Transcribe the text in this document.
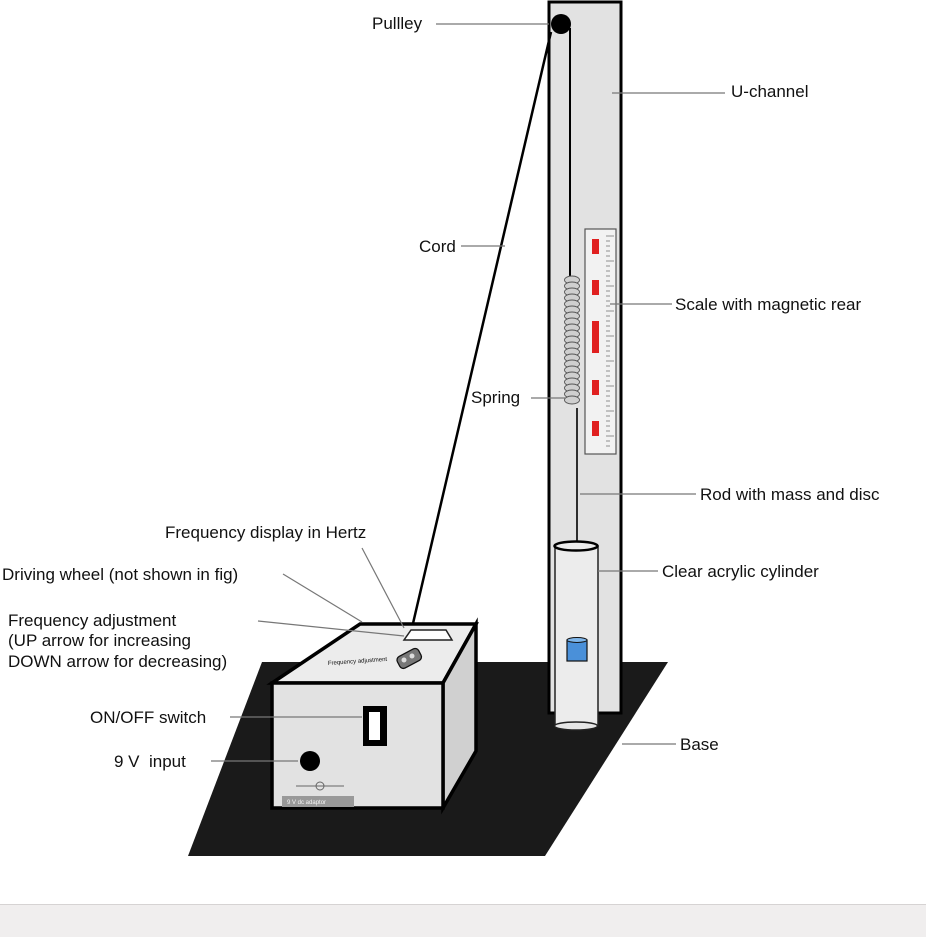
Frequency adjustment
9 V dc adaptor
Pullley
U-channel
Cord
Scale with magnetic rear
Spring
Rod with mass and disc
Frequency display in Hertz
Driving wheel (not shown in fig)	Clear acrylic cylinder
Frequency adjustment
(UP arrow for increasing
DOWN arrow for decreasing)
ON/OFF switch
9 V  input
Base
